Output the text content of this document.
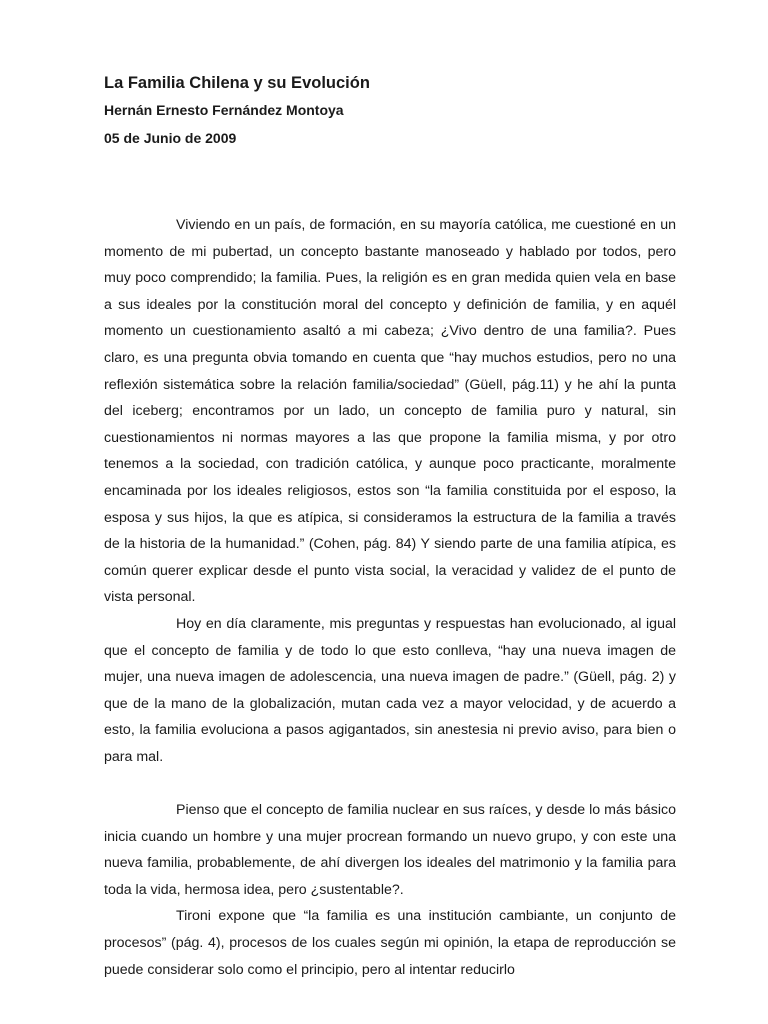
La Familia Chilena y su Evolución

Hernán Ernesto Fernández Montoya

05 de Junio de 2009

Viviendo en un país, de formación, en su mayoría católica, me cuestioné en un momento de mi pubertad, un concepto bastante manoseado y hablado por todos, pero muy poco comprendido; la familia. Pues, la religión es en gran medida quien vela en base a sus ideales por la constitución moral del concepto y definición de familia, y en aquél momento un cuestionamiento asaltó a mi cabeza; ¿Vivo dentro de una familia?. Pues claro, es una pregunta obvia tomando en cuenta que “hay muchos estudios, pero no una reflexión sistemática sobre la relación familia/sociedad” (Güell, pág.11) y he ahí la punta del iceberg; encontramos por un lado, un concepto de familia puro y natural, sin cuestionamientos ni normas mayores a las que propone la familia misma, y por otro tenemos a la sociedad, con tradición católica, y aunque poco practicante, moralmente encaminada por los ideales religiosos, estos son “la familia constituida por el esposo, la esposa y sus hijos, la que es atípica, si consideramos la estructura de la familia a través de la historia de la humanidad.” (Cohen, pág. 84) Y siendo parte de una familia atípica, es común querer explicar desde el punto vista social, la veracidad y validez de el punto de vista personal.

Hoy en día claramente, mis preguntas y respuestas han evolucionado, al igual que el concepto de familia y de todo lo que esto conlleva, “hay una nueva imagen de mujer, una nueva imagen de adolescencia, una nueva imagen de padre.” (Güell, pág. 2) y que de la mano de la globalización, mutan cada vez a mayor velocidad, y de acuerdo a esto, la familia evoluciona a pasos agigantados, sin anestesia ni previo aviso, para bien o para mal.

Pienso que el concepto de familia nuclear en sus raíces, y desde lo más básico inicia cuando un hombre y una mujer procrean formando un nuevo grupo, y con este una nueva familia, probablemente, de ahí divergen los ideales del matrimonio y la familia para toda la vida, hermosa idea, pero ¿sustentable?.

Tironi expone que “la familia es una institución cambiante, un conjunto de procesos” (pág. 4), procesos de los cuales según mi opinión, la etapa de reproducción se puede considerar solo como el principio, pero al intentar reducirlo
